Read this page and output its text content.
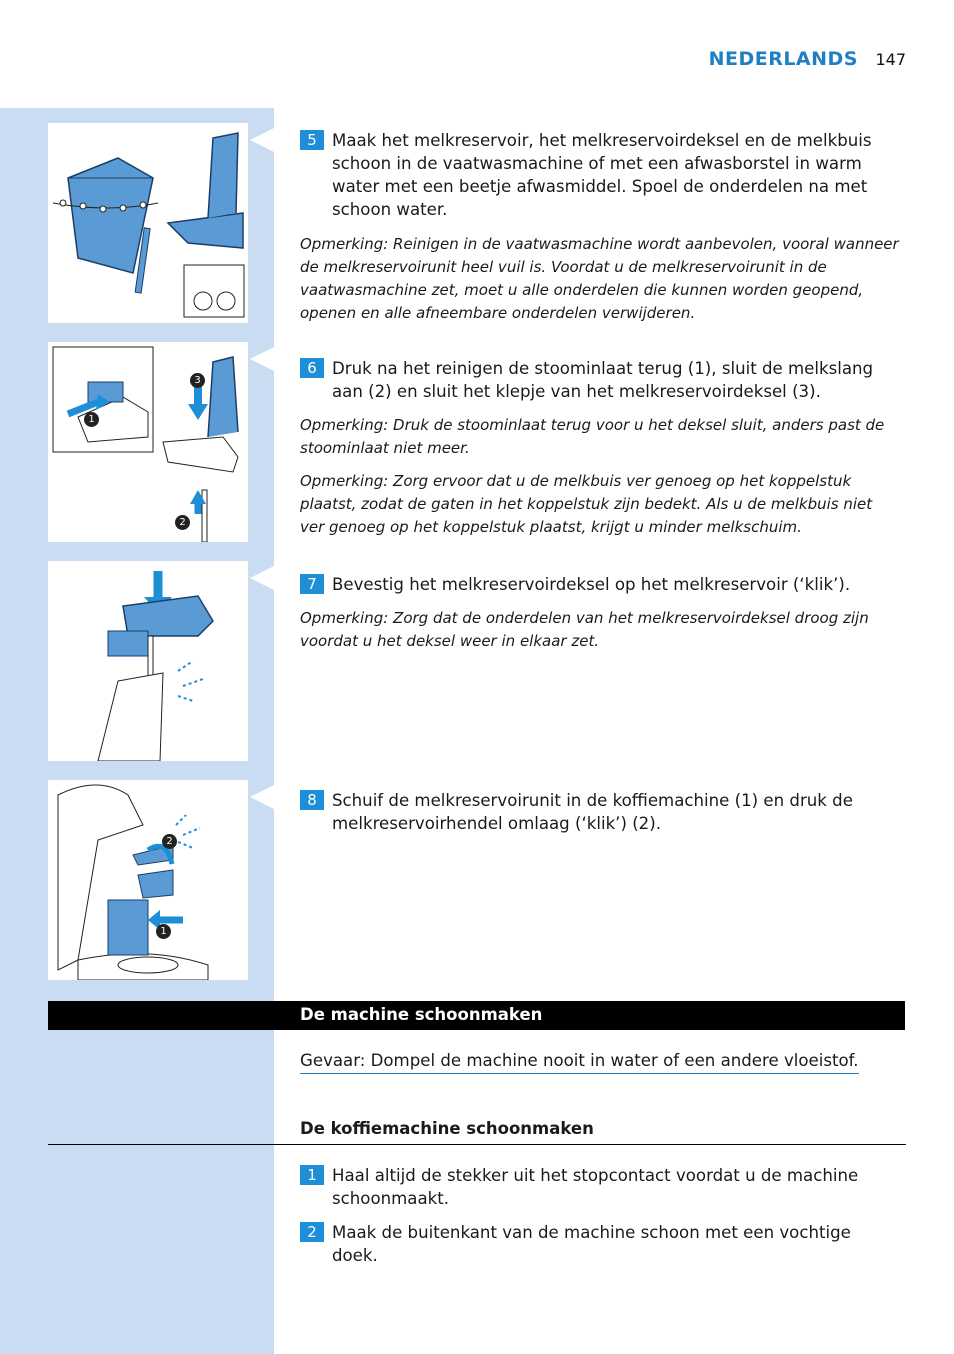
NEDERLANDS 147
1
3
2
2
1
5 Maak het melkreservoir, het melkreservoirdeksel en de melkbuis schoon in de vaatwasmachine of met een afwasborstel in warm water met een beetje afwasmiddel. Spoel de onderdelen na met schoon water.
Opmerking: Reinigen in de vaatwasmachine wordt aanbevolen, vooral wanneer de melkreservoirunit heel vuil is. Voordat u de melkreservoirunit in de vaatwasmachine zet, moet u alle onderdelen die kunnen worden geopend, openen en alle afneembare onderdelen verwijderen.
6 Druk na het reinigen de stoominlaat terug (1), sluit de melkslang aan (2) en sluit het klepje van het melkreservoirdeksel (3).
Opmerking: Druk de stoominlaat terug voor u het deksel sluit, anders past de stoominlaat niet meer.
Opmerking: Zorg ervoor dat u de melkbuis ver genoeg op het koppelstuk plaatst, zodat de gaten in het koppelstuk zijn bedekt. Als u de melkbuis niet ver genoeg op het koppelstuk plaatst, krijgt u minder melkschuim.
7 Bevestig het melkreservoirdeksel op het melkreservoir (‘klik’).
Opmerking: Zorg dat de onderdelen van het melkreservoirdeksel droog zijn voordat u het deksel weer in elkaar zet.
8 Schuif de melkreservoirunit in de koffiemachine (1) en druk de melkreservoirhendel omlaag (‘klik’) (2).
De machine schoonmaken
Gevaar: Dompel de machine nooit in water of een andere vloeistof.
De koffiemachine schoonmaken
1 Haal altijd de stekker uit het stopcontact voordat u de machine schoonmaakt.
2 Maak de buitenkant van de machine schoon met een vochtige doek.
